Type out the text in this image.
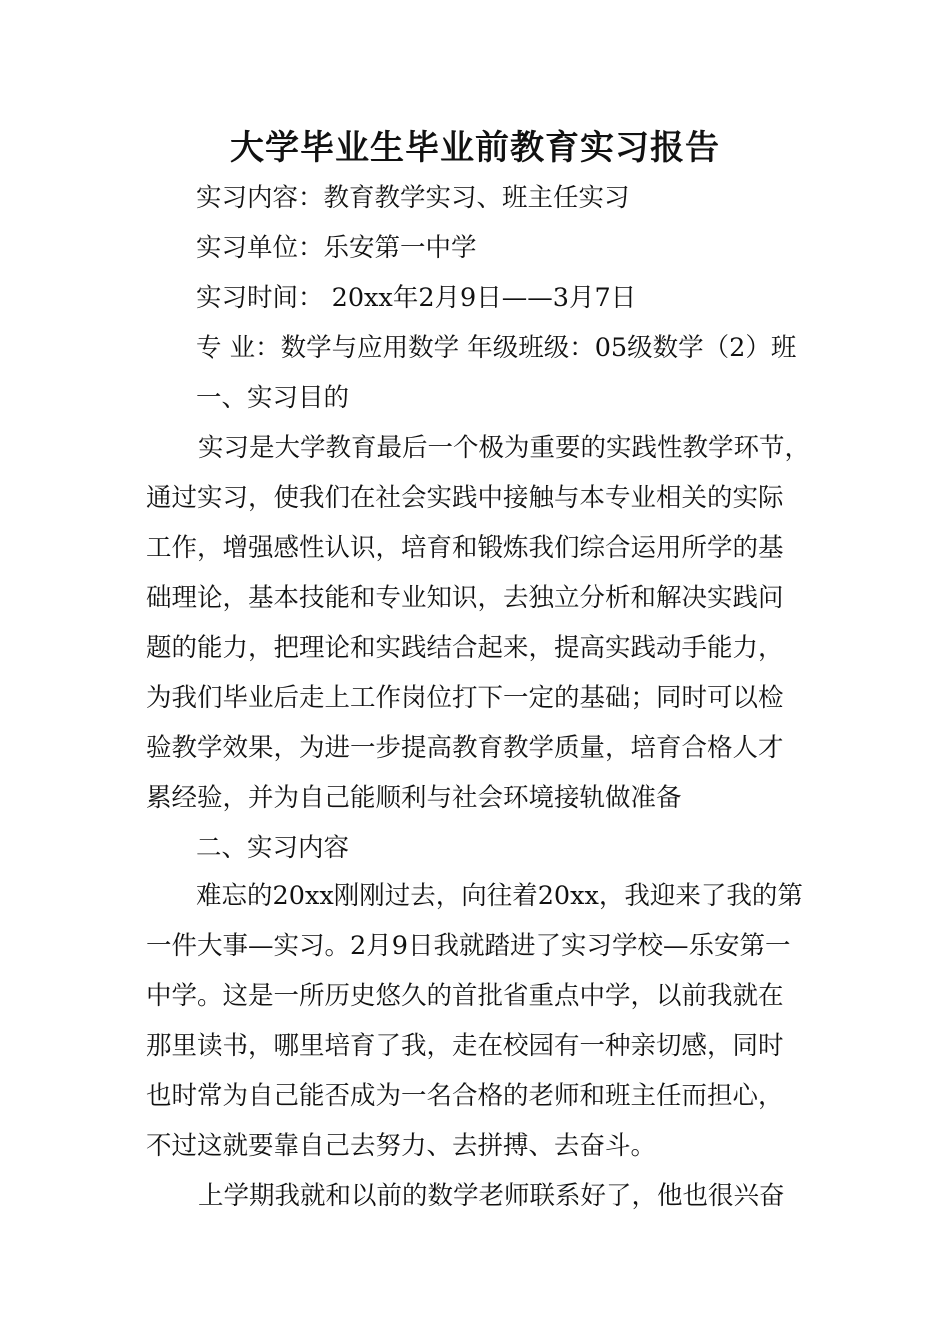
大学毕业生毕业前教育实习报告
实习内容：教育教学实习、班主任实习
实习单位：乐安第一中学
实习时间： 20xx年2月9日——3月7日
专 业：数学与应用数学 年级班级：05级数学（2）班
一、实习目的
实习是大学教育最后一个极为重要的实践性教学环节，
通过实习，使我们在社会实践中接触与本专业相关的实际
工作，增强感性认识，培育和锻炼我们综合运用所学的基
础理论，基本技能和专业知识，去独立分析和解决实践问
题的能力，把理论和实践结合起来，提高实践动手能力，
为我们毕业后走上工作岗位打下一定的基础；同时可以检
验教学效果，为进一步提高教育教学质量，培育合格人才
累经验，并为自己能顺利与社会环境接轨做准备
二、实习内容
难忘的20xx刚刚过去，向往着20xx，我迎来了我的第
一件大事—实习。2月9日我就踏进了实习学校—乐安第一
中学。这是一所历史悠久的首批省重点中学，以前我就在
那里读书，哪里培育了我，走在校园有一种亲切感，同时
也时常为自己能否成为一名合格的老师和班主任而担心，
不过这就要靠自己去努力、去拼搏、去奋斗。
上学期我就和以前的数学老师联系好了，他也很兴奋
